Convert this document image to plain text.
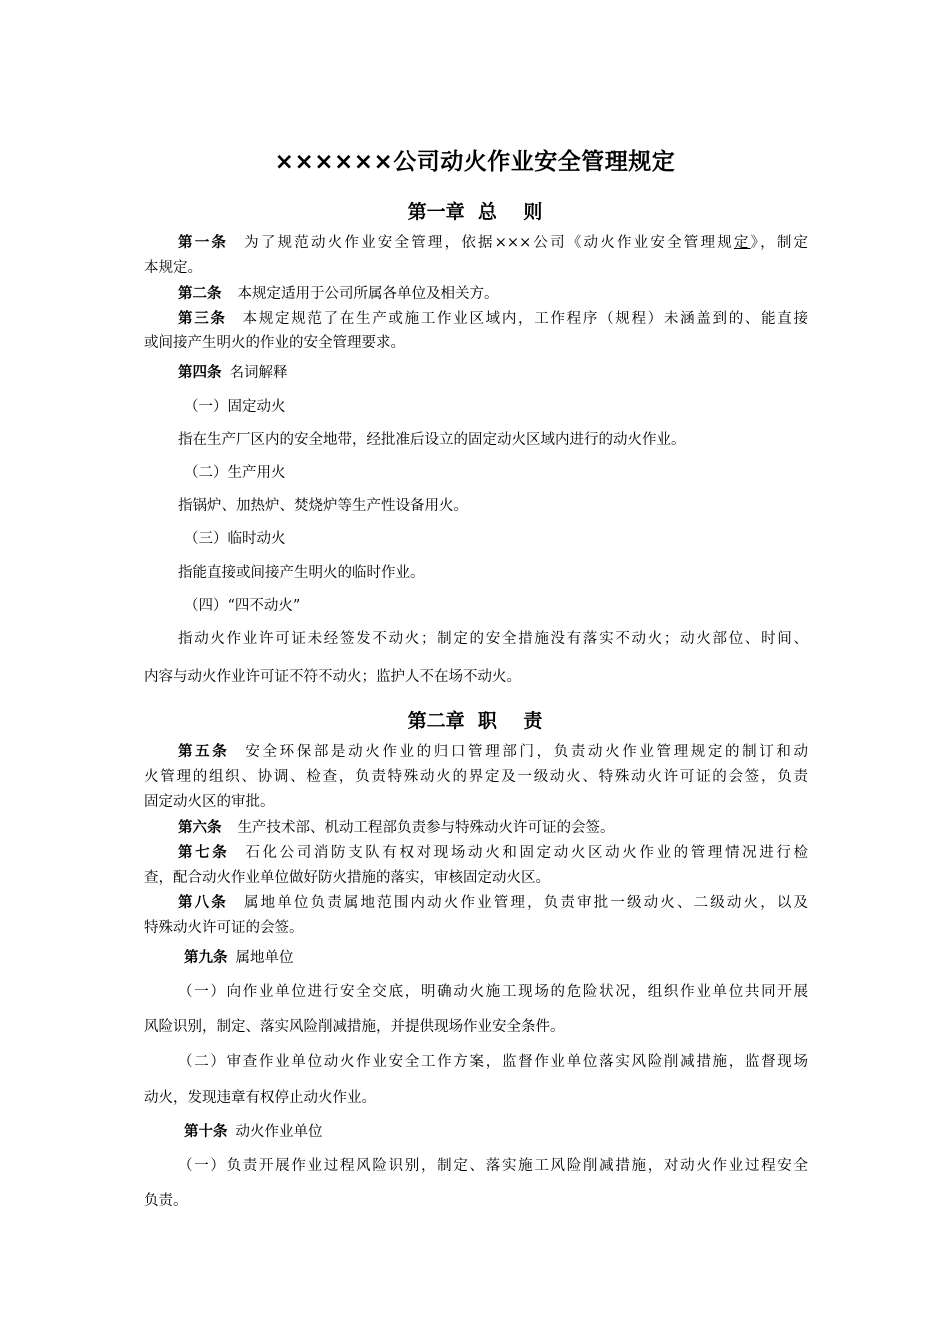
××××××公司动火作业安全管理规定
第一章  总    则
第一条 为了规范动火作业安全管理，依据×××公司《动火作业安全管理规定》，制定
本规定。
第二条 本规定适用于公司所属各单位及相关方。
第三条 本规定规范了在生产或施工作业区域内，工作程序（规程）未涵盖到的、能直接
或间接产生明火的作业的安全管理要求。
第四条 名词解释
（一）固定动火
指在生产厂区内的安全地带，经批准后设立的固定动火区域内进行的动火作业。
（二）生产用火
指锅炉、加热炉、焚烧炉等生产性设备用火。
（三）临时动火
指能直接或间接产生明火的临时作业。
（四）“四不动火”
指动火作业许可证未经签发不动火；制定的安全措施没有落实不动火；动火部位、时间、
内容与动火作业许可证不符不动火；监护人不在场不动火。
第二章  职    责
第五条 安全环保部是动火作业的归口管理部门，负责动火作业管理规定的制订和动
火管理的组织、协调、检查，负责特殊动火的界定及一级动火、特殊动火许可证的会签，负责
固定动火区的审批。
第六条 生产技术部、机动工程部负责参与特殊动火许可证的会签。
第七条 石化公司消防支队有权对现场动火和固定动火区动火作业的管理情况进行检
查，配合动火作业单位做好防火措施的落实，审核固定动火区。
第八条 属地单位负责属地范围内动火作业管理，负责审批一级动火、二级动火，以及
特殊动火许可证的会签。
第九条 属地单位
（一）向作业单位进行安全交底，明确动火施工现场的危险状况，组织作业单位共同开展
风险识别，制定、落实风险削减措施，并提供现场作业安全条件。
（二）审查作业单位动火作业安全工作方案，监督作业单位落实风险削减措施，监督现场
动火，发现违章有权停止动火作业。
第十条 动火作业单位
（一）负责开展作业过程风险识别，制定、落实施工风险削减措施，对动火作业过程安全
负责。
